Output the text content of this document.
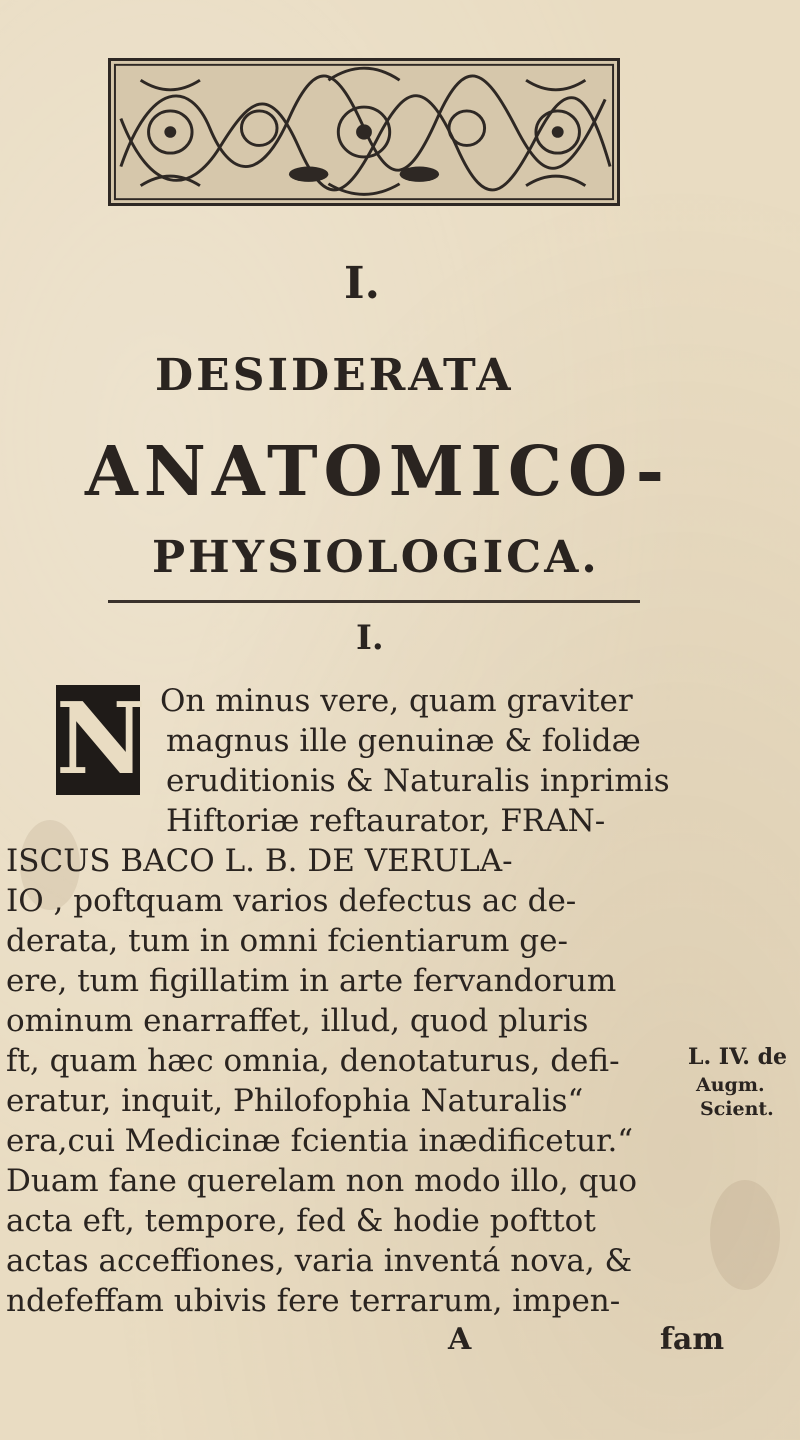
I.
DESIDERATA
ANATOMICO-
PHYSIOLOGICA.
I.
N On minus vere, quam graviter
magnus ille genuinæ & folidæ
eruditionis & Naturalis inprimis
Hiftoriæ reftaurator, FRAN-
ISCUS BACO L. B. DE VERULA-
IO , poftquam varios defectus ac de-
derata, tum in omni fcientiarum ge-
ere, tum figillatim in arte fervandorum
ominum enarraffet, illud, quod pluris
ft, quam hæc omnia, denotaturus, defi-
eratur, inquit, Philofophia Naturalis“
era,cui Medicinæ fcientia inædificetur.“
Duam fane querelam non modo illo, quo
acta eft, tempore, fed & hodie pofttot
actas acceffiones, varia inventá nova, &
ndefeffam ubivis fere terrarum, impen-
L. IV. de
Augm.
Scient.
A	fam
